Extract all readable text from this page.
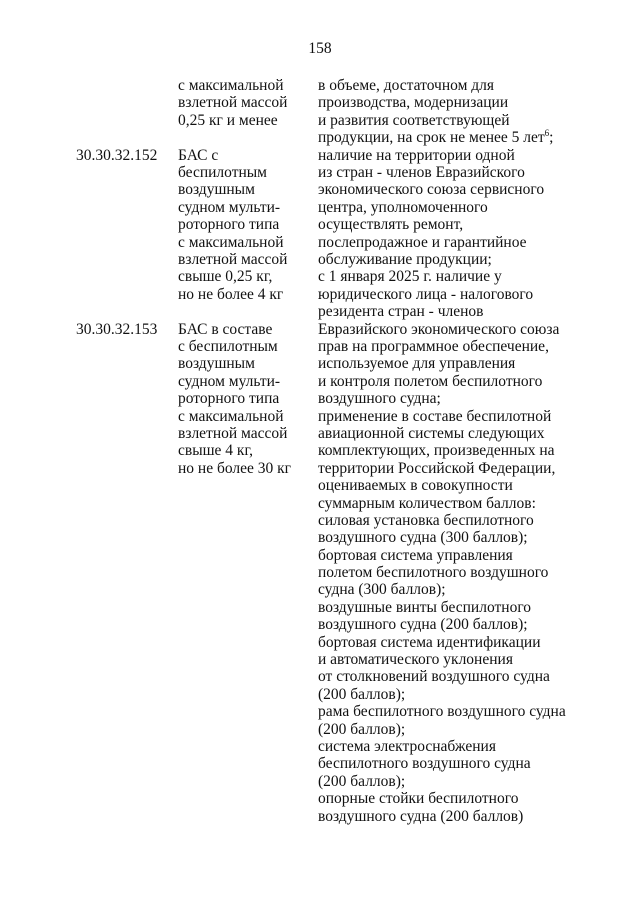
158
с максимальной
взлетной массой
0,25 кг и менее
в объеме, достаточном для
производства, модернизации
и развития соответствующей
продукции, на срок не менее 5 лет$^6$;
30.30.32.152 БАС с
беспилотным
воздушным
судном мульти-
роторного типа
с максимальной
взлетной массой
свыше 0,25 кг,
но не более 4 кг
наличие на территории одной
из стран - членов Евразийского
экономического союза сервисного
центра, уполномоченного
осуществлять ремонт,
послепродажное и гарантийное
обслуживание продукции;
с 1 января 2025 г. наличие у
юридического лица - налогового
резидента стран - членов
30.30.32.153 БАС в составе
с беспилотным
воздушным
судном мульти-
роторного типа
с максимальной
взлетной массой
свыше 4 кг,
но не более 30 кг
Евразийского экономического союза
прав на программное обеспечение,
используемое для управления
и контроля полетом беспилотного
воздушного судна;
применение в составе беспилотной
авиационной системы следующих
комплектующих, произведенных на
территории Российской Федерации,
оцениваемых в совокупности
суммарным количеством баллов:
силовая установка беспилотного
воздушного судна (300 баллов);
бортовая система управления
полетом беспилотного воздушного
судна (300 баллов);
воздушные винты беспилотного
воздушного судна (200 баллов);
бортовая система идентификации
и автоматического уклонения
от столкновений воздушного судна
(200 баллов);
рама беспилотного воздушного судна
(200 баллов);
система электроснабжения
беспилотного воздушного судна
(200 баллов);
опорные стойки беспилотного
воздушного судна (200 баллов)
